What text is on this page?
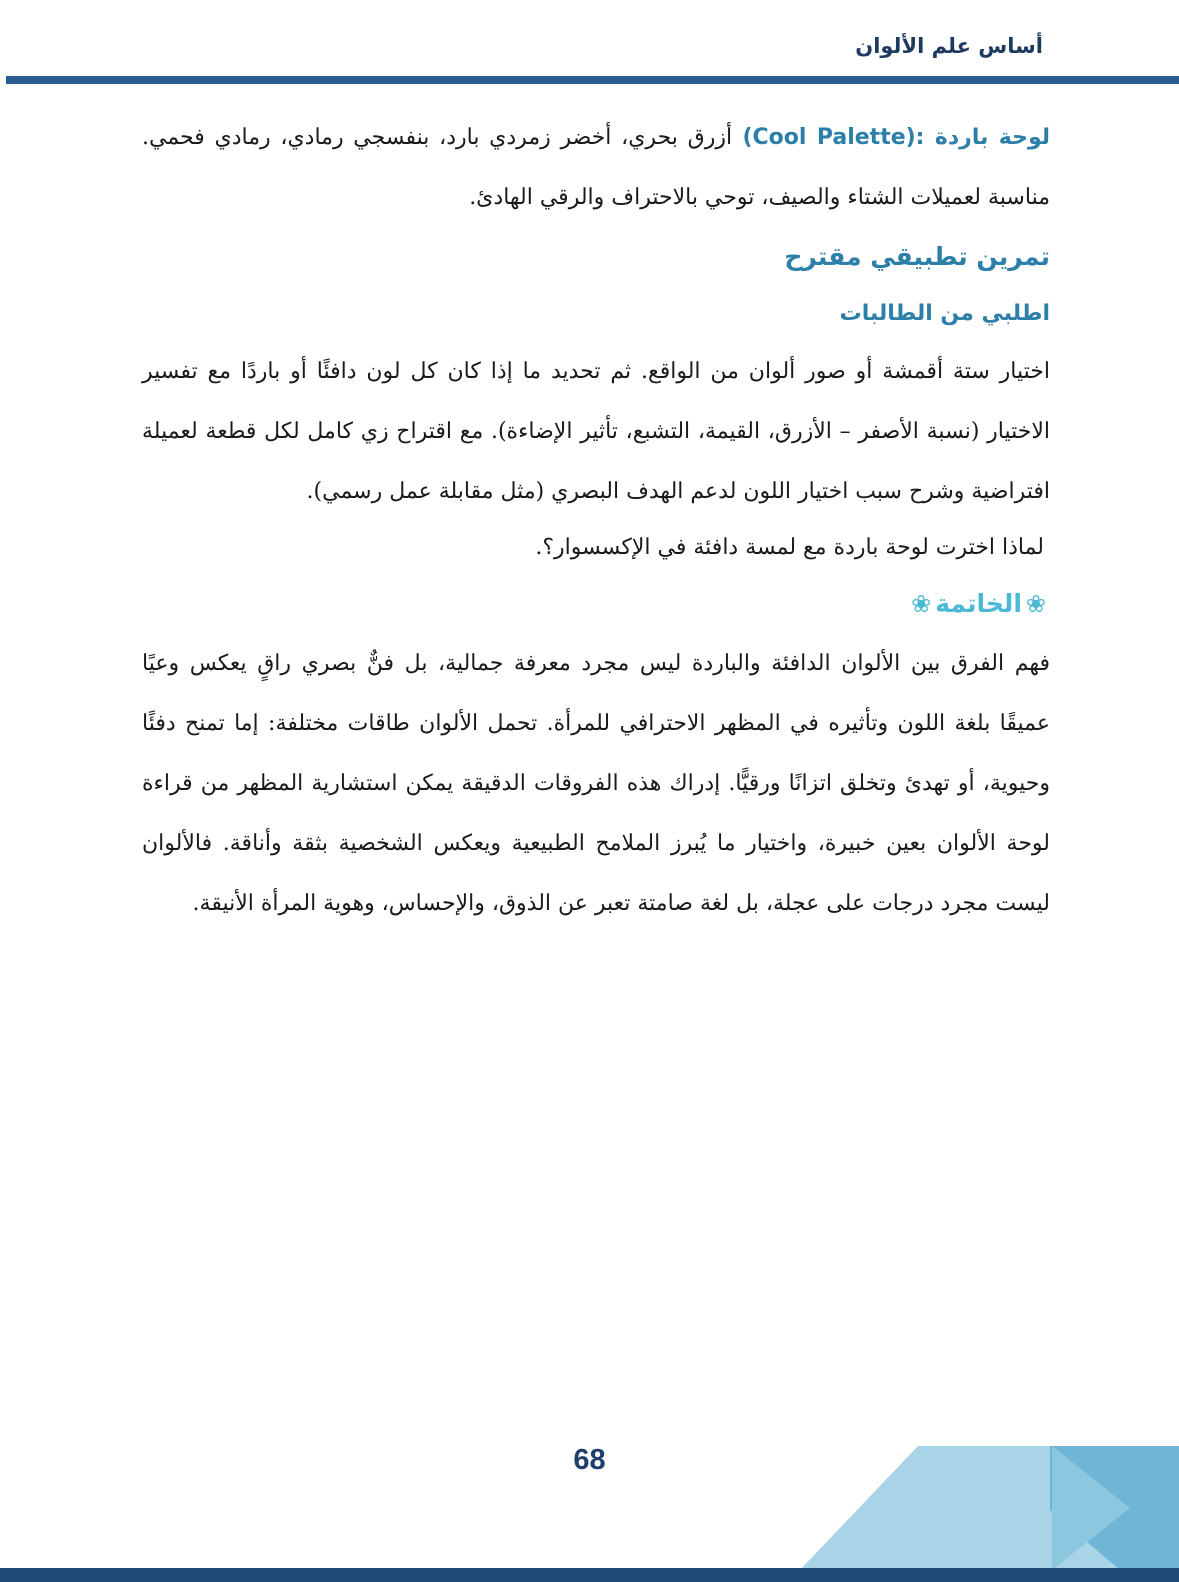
أساس علم الألوان

لوحة باردة (Cool Palette): أزرق بحري، أخضر زمردي بارد، بنفسجي رمادي، رمادي فحمي. مناسبة لعميلات الشتاء والصيف، توحي بالاحتراف والرقي الهادئ.

تمرين تطبيقي مقترح
اطلبي من الطالبات

اختيار ستة أقمشة أو صور ألوان من الواقع. ثم تحديد ما إذا كان كل لون دافئًا أو باردًا مع تفسير الاختيار (نسبة الأصفر – الأزرق، القيمة، التشبع، تأثير الإضاءة). مع اقتراح زي كامل لكل قطعة لعميلة افتراضية وشرح سبب اختيار اللون لدعم الهدف البصري (مثل مقابلة عمل رسمي).

لماذا اخترت لوحة باردة مع لمسة دافئة في الإكسسوار؟.

❀الخاتمة❀

فهم الفرق بين الألوان الدافئة والباردة ليس مجرد معرفة جمالية، بل فنٌّ بصري راقٍ يعكس وعيًا عميقًا بلغة اللون وتأثيره في المظهر الاحترافي للمرأة. تحمل الألوان طاقات مختلفة: إما تمنح دفئًا وحيوية، أو تهدئ وتخلق اتزانًا ورقيًّا. إدراك هذه الفروقات الدقيقة يمكن استشارية المظهر من قراءة لوحة الألوان بعين خبيرة، واختيار ما يُبرز الملامح الطبيعية ويعكس الشخصية بثقة وأناقة. فالألوان ليست مجرد درجات على عجلة، بل لغة صامتة تعبر عن الذوق، والإحساس، وهوية المرأة الأنيقة.

68
